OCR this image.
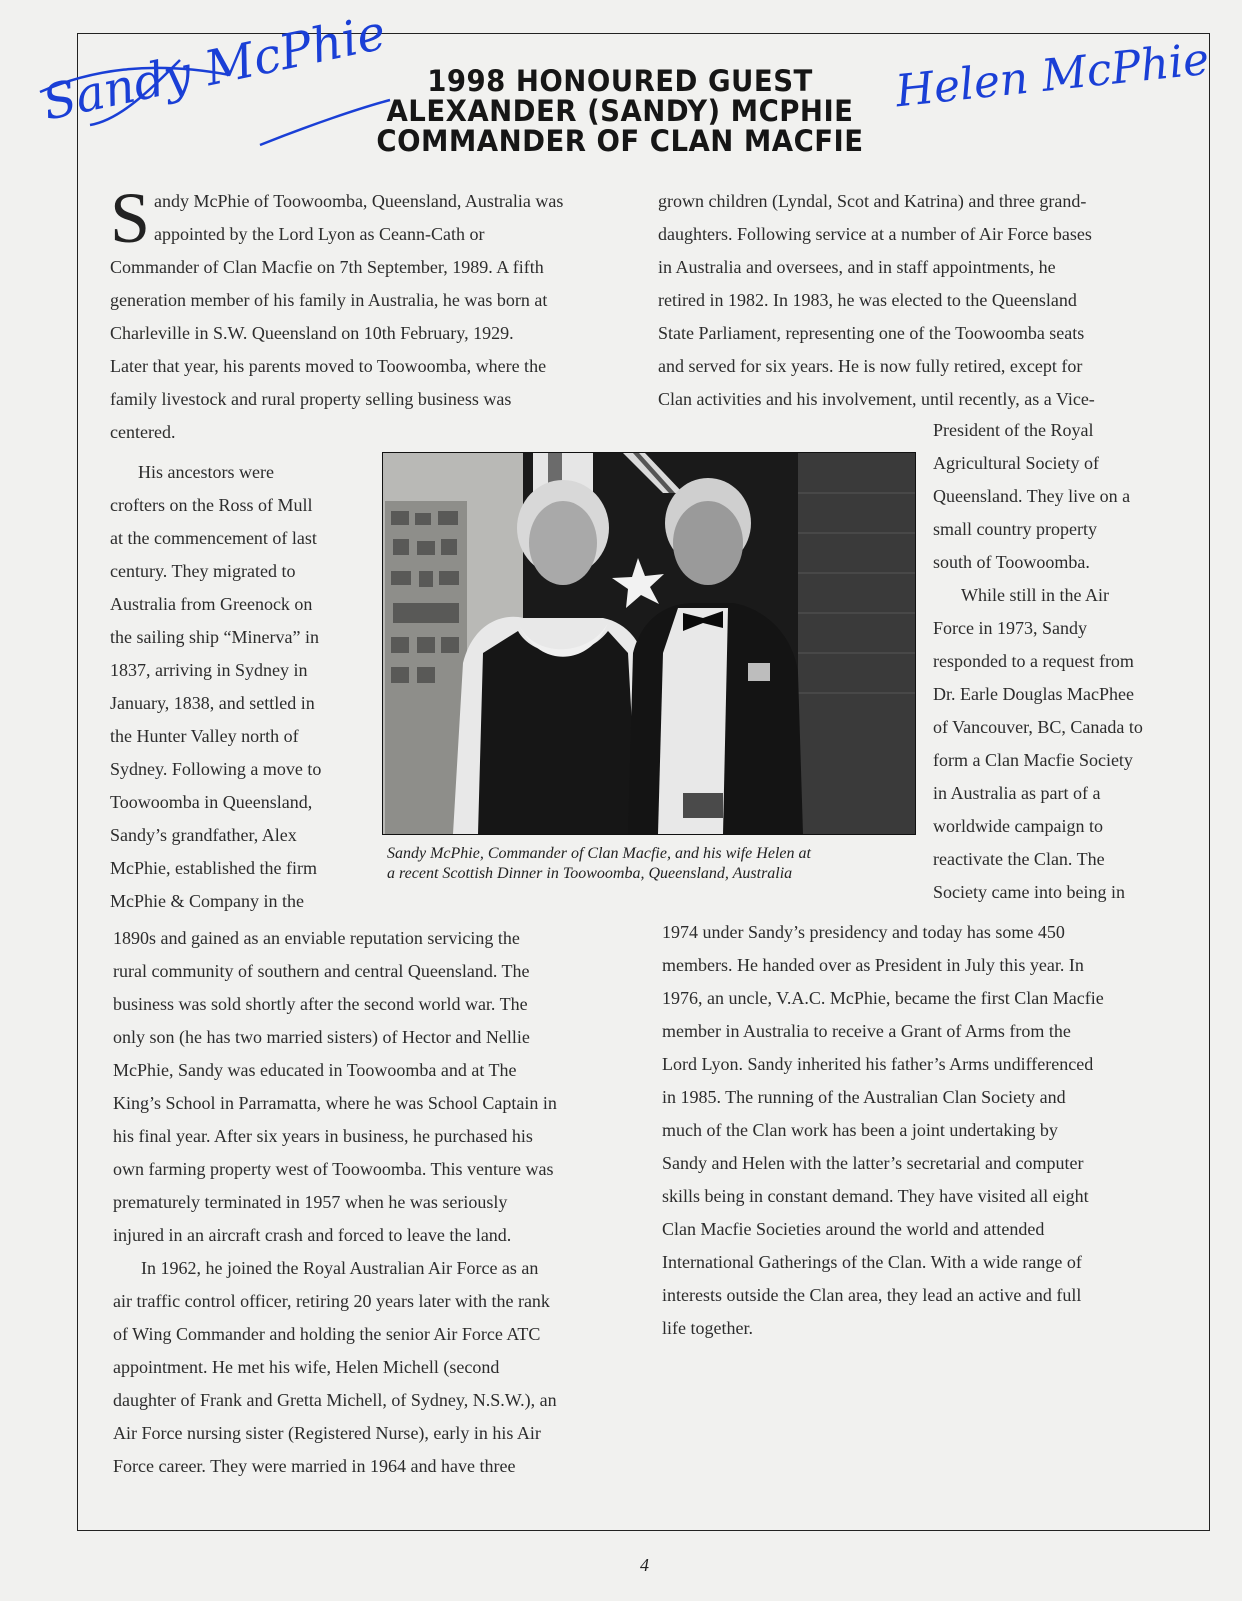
Sandy McPhie	Helen McPhie
1998 HONOURED GUEST
ALEXANDER (SANDY) MCPHIE
COMMANDER OF CLAN MACFIE
S andy McPhie of Toowoomba, Queensland, Australia was
appointed by the Lord Lyon as Ceann-Cath or
Commander of Clan Macfie on 7th September, 1989. A fifth
generation member of his family in Australia, he was born at
Charleville in S.W. Queensland on 10th February, 1929.
Later that year, his parents moved to Toowoomba, where the
family livestock and rural property selling business was
centered.
His ancestors were
crofters on the Ross of Mull
at the commencement of last
century. They migrated to
Australia from Greenock on
the sailing ship “Minerva” in
1837, arriving in Sydney in
January, 1838, and settled in
the Hunter Valley north of
Sydney. Following a move to
Toowoomba in Queensland,
Sandy’s grandfather, Alex
McPhie, established the firm
McPhie & Company in the
1890s and gained as an enviable reputation servicing the
rural community of southern and central Queensland. The
business was sold shortly after the second world war. The
only son (he has two married sisters) of Hector and Nellie
McPhie, Sandy was educated in Toowoomba and at The
King’s School in Parramatta, where he was School Captain in
his final year. After six years in business, he purchased his
own farming property west of Toowoomba. This venture was
prematurely terminated in 1957 when he was seriously
injured in an aircraft crash and forced to leave the land.
In 1962, he joined the Royal Australian Air Force as an
air traffic control officer, retiring 20 years later with the rank
of Wing Commander and holding the senior Air Force ATC
appointment. He met his wife, Helen Michell (second
daughter of Frank and Gretta Michell, of Sydney, N.S.W.), an
Air Force nursing sister (Registered Nurse), early in his Air
Force career. They were married in 1964 and have three
grown children (Lyndal, Scot and Katrina) and three grand-
daughters. Following service at a number of Air Force bases
in Australia and oversees, and in staff appointments, he
retired in 1982. In 1983, he was elected to the Queensland
State Parliament, representing one of the Toowoomba seats
and served for six years. He is now fully retired, except for
Clan activities and his involvement, until recently, as a Vice-
President of the Royal
Agricultural Society of
Queensland. They live on a
small country property
south of Toowoomba.
While still in the Air
Force in 1973, Sandy
responded to a request from
Dr. Earle Douglas MacPhee
of Vancouver, BC, Canada to
form a Clan Macfie Society
in Australia as part of a
worldwide campaign to
reactivate the Clan. The
Society came into being in
1974 under Sandy’s presidency and today has some 450
members. He handed over as President in July this year. In
1976, an uncle, V.A.C. McPhie, became the first Clan Macfie
member in Australia to receive a Grant of Arms from the
Lord Lyon. Sandy inherited his father’s Arms undifferenced
in 1985. The running of the Australian Clan Society and
much of the Clan work has been a joint undertaking by
Sandy and Helen with the latter’s secretarial and computer
skills being in constant demand. They have visited all eight
Clan Macfie Societies around the world and attended
International Gatherings of the Clan. With a wide range of
interests outside the Clan area, they lead an active and full
life together.
Sandy McPhie, Commander of Clan Macfie, and his wife Helen at
a recent Scottish Dinner in Toowoomba, Queensland, Australia
4
